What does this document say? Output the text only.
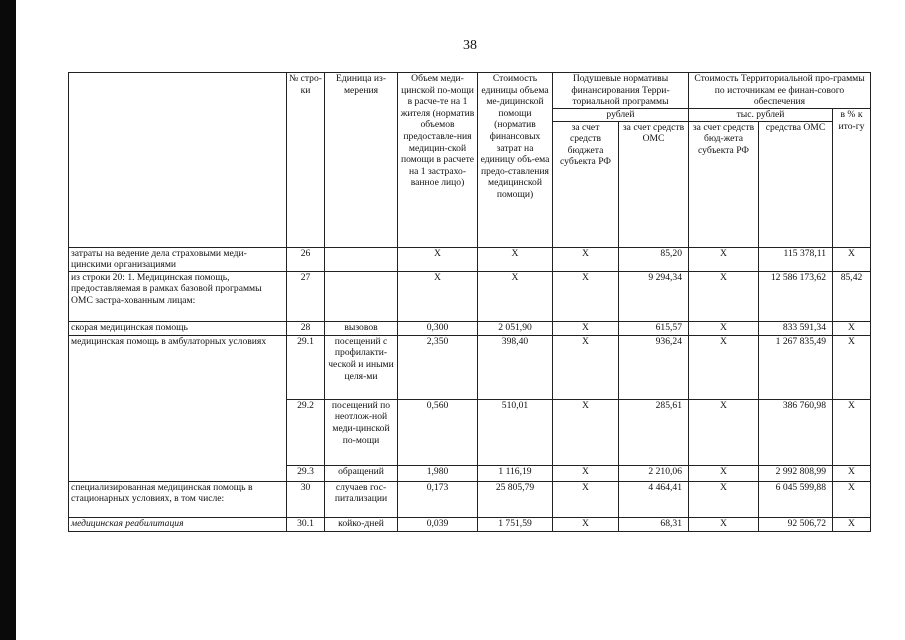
38
	№ стро-ки	Единица из-мерения	Объем меди-цинской по-мощи в расче-те на 1 жителя (норматив объемов предоставле-ния медицин-ской помощи в расчете на 1 застрахо-ванное лицо)	Стоимость единицы объема ме-дицинской помощи (норматив финансовых затрат на единицу объ-ема предо-ставления медицинской помощи)	Подушевые нормативы финансирования Терри-ториальной программы		Стоимость Территориальной про-граммы по источникам ее финан-сового обеспечения		
					рублей		тыс. рублей		в % к ито-гу
					за счет средств бюджета субъекта РФ	за счет средств ОМС	за счет средств бюд-жета субъекта РФ	средства ОМС	
затраты на ведение дела страховыми меди-цинскими организациями	26		X	X	X	85,20	X	115 378,11	X
из строки 20: 1. Медицинская помощь, предоставляемая в рамках базовой программы ОМС застра-хованным лицам:	27		X	X	X	9 294,34	X	12 586 173,62	85,42
скорая медицинская помощь	28	вызовов	0,300	2 051,90	X	615,57	X	833 591,34	X
медицинская помощь в амбулаторных условиях	29.1	посещений с профилакти-ческой и иными целя-ми	2,350	398,40	X	936,24	X	1 267 835,49	X
	29.2	посещений по неотлож-ной меди-цинской по-мощи	0,560	510,01	X	285,61	X	386 760,98	X
	29.3	обращений	1,980	1 116,19	X	2 210,06	X	2 992 808,99	X
специализированная медицинская помощь в стационарных условиях, в том числе:	30	случаев гос-питализации	0,173	25 805,79	X	4 464,41	X	6 045 599,88	X
медицинская реабилитация	30.1	койко-дней	0,039	1 751,59	X	68,31	X	92 506,72	X
